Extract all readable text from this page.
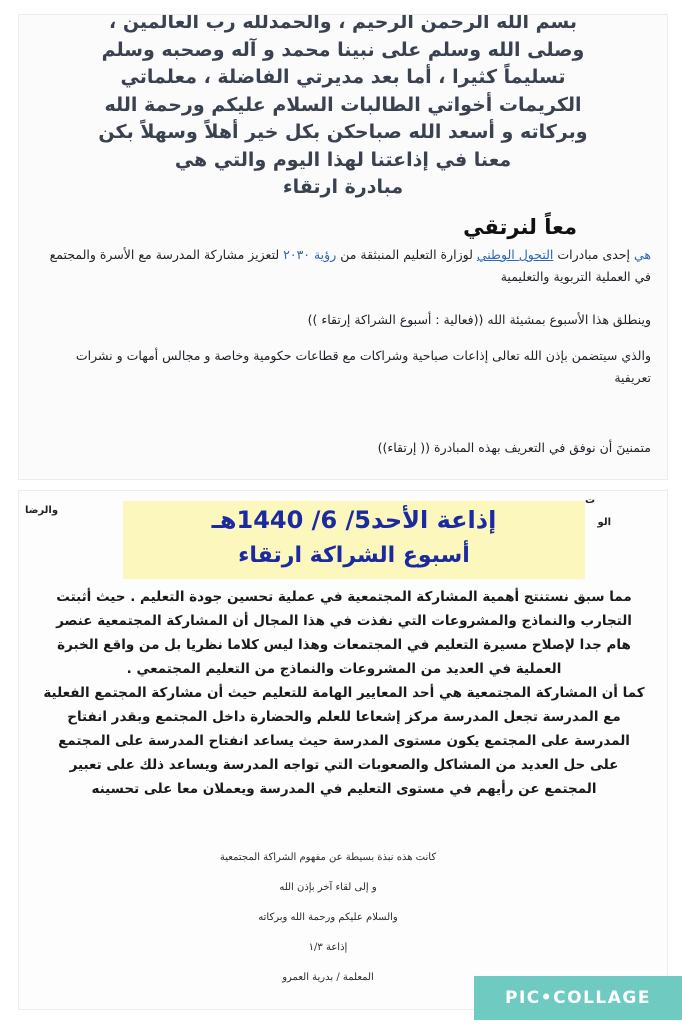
بسم الله الرحمن الرحيم ، والحمدلله رب العالمين ،
وصلى الله وسلم على نبينا محمد و آله وصحبه وسلم
تسليماً كثيرا ، أما بعد مديرتي الفاضلة ، معلماتي
الكريمات أخواتي الطالبات السلام عليكم ورحمة الله
وبركاته و أسعد الله صباحكن بكل خير أهلاً وسهلاً بكن
معنا في إذاعتنا لهذا اليوم والتي هي
مبادرة ارتقاء

معاً لنرتقي

هي إحدى مبادرات التحول الوطني لوزارة التعليم المنبثقة من رؤية ٢٠٣٠ لتعزيز مشاركة المدرسة مع الأسرة والمجتمع في العملية التربوية والتعليمية

وينطلق هذا الأسبوع بمشيئة الله ((فعالية : أسبوع الشراكة إرتقاء ))

والذي سيتضمن بإذن الله تعالى إذاعات صباحية وشراكات مع قطاعات حكومية وخاصة و مجالس أمهات و نشرات تعريفية

متمنينَ أن نوفق في التعريف بهذه المبادرة (( إرتقاء))

والرضا
ت
الو
إذاعة الأحد5/ 6/ 1440هـ
أسبوع الشراكة ارتقاء

مما سبق نستنتج أهمية المشاركة المجتمعية في عملية تحسين جودة التعليم . حيث أثبتت التجارب والنماذج والمشروعات التي نفذت في هذا المجال أن المشاركة المجتمعية عنصر هام جدا لإصلاح مسيرة التعليم في المجتمعات وهذا ليس كلاما نظريا بل من واقع الخبرة العملية في العديد من المشروعات والنماذج من التعليم المجتمعي .

كما أن المشاركة المجتمعية هي أحد المعايير الهامة للتعليم حيث أن مشاركة المجتمع الفعلية مع المدرسة تجعل المدرسة مركز إشعاعا للعلم والحضارة داخل المجتمع وبقدر انفتاح المدرسة على المجتمع يكون مستوى المدرسة حيث يساعد انفتاح المدرسة على المجتمع على حل العديد من المشاكل والصعوبات التي تواجه المدرسة ويساعد ذلك على تعبير المجتمع عن رأيهم في مستوى التعليم في المدرسة ويعملان معا على تحسينه

كانت هذه نبذة بسيطة عن مفهوم الشراكة المجتمعية
و إلى لقاء آخر بإذن الله
والسلام عليكم ورحمة الله وبركاته
إذاعة ١/٣
المعلمة / بدرية العمرو
PIC•COLLAGE
